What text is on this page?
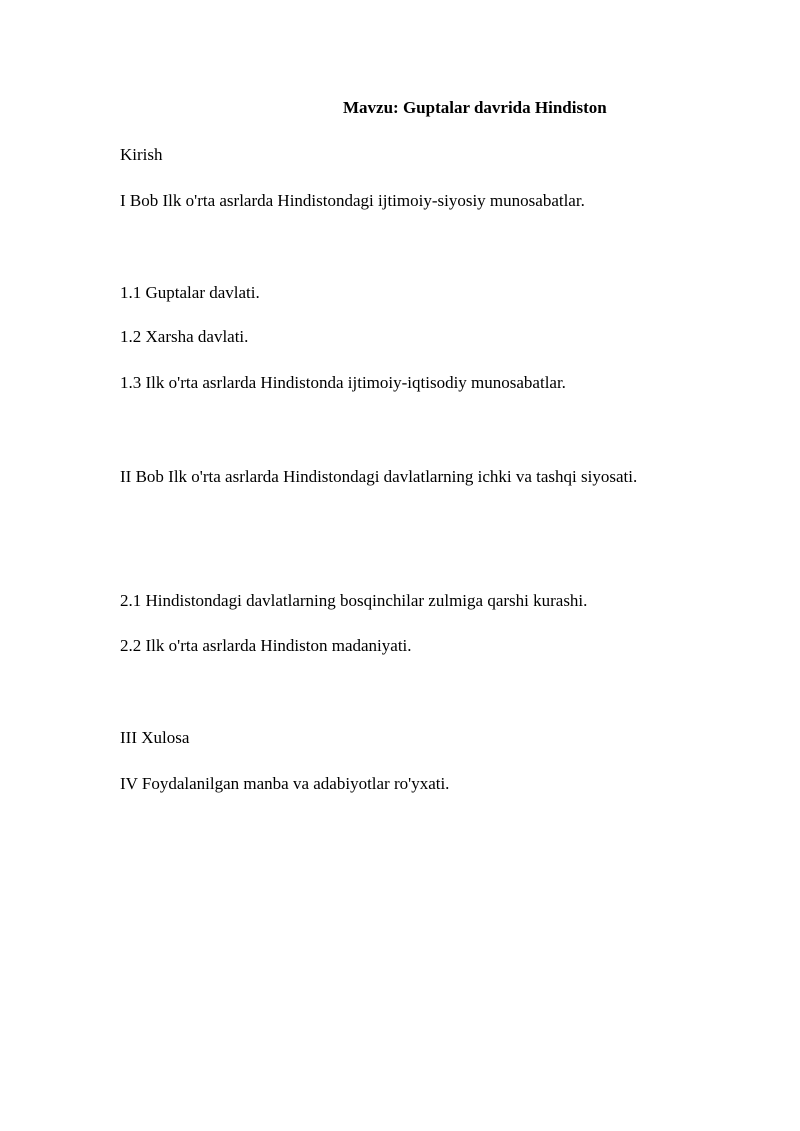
Mavzu: Guptalar davrida Hindiston
Kirish
I Bob Ilk o'rta asrlarda Hindistondagi ijtimoiy-siyosiy munosabatlar.
1.1 Guptalar davlati.
1.2 Xarsha davlati.
1.3 Ilk o'rta asrlarda Hindistonda ijtimoiy-iqtisodiy munosabatlar.
II Bob Ilk o'rta asrlarda Hindistondagi davlatlarning ichki va tashqi siyosati.
2.1 Hindistondagi davlatlarning bosqinchilar zulmiga qarshi kurashi.
2.2 Ilk o'rta asrlarda Hindiston madaniyati.
III Xulosa
IV Foydalanilgan manba va adabiyotlar ro'yxati.
